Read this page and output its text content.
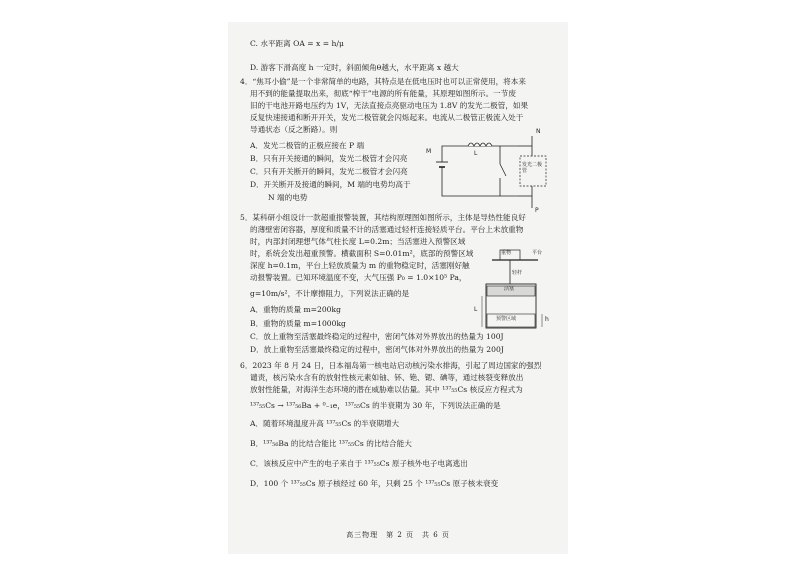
C. 水平距离 OA = x = h/μ
D. 游客下滑高度 h 一定时，斜面倾角θ越大，水平距离 x 越大
4．“焦耳小偷”是一个非常简单的电路，其特点是在低电压时也可以正常使用，将本来
用不到的能量提取出来，彻底“榨干”电源的所有能量，其原理如图所示。一节废
旧的干电池开路电压约为 1V，无法直接点亮驱动电压为 1.8V 的发光二极管，如果
反复快速接通和断开开关，发光二极管就会闪烁起来。电流从二极管正极流入处于
导通状态（反之断路）。则
A．发光二极管的正极应接在 P 端
B．只有开关接通的瞬间，发光二极管才会闪亮
C．只有开关断开的瞬间，发光二极管才会闪亮
D．开关断开及接通的瞬间，M 端的电势均高于
N 端的电势
M	L
N
P
发光二极管
5．某科研小组设计一款超重报警装置，其结构原理图如图所示，主体是导热性能良好
的薄壁密闭容器，厚度和质量不计的活塞通过轻杆连接轻质平台。平台上未放重物
时，内部封闭理想气体气柱长度 L=0.2m；当活塞进入预警区域
时，系统会发出超重预警。横截面积 S=0.01m²，底部的预警区域
深度 h=0.1m，平台上轻放质量为 m 的重物稳定时，活塞刚好触
动报警装置。已知环境温度不变，大气压强 P₀ = 1.0×10⁵ Pa，
g=10m/s²，不计摩擦阻力，下列说法正确的是
A．重物的质量 m=200kg
B．重物的质量 m=1000kg
C．放上重物至活塞最终稳定的过程中，密闭气体对外界放出的热量为 100J
D．放上重物至活塞最终稳定的过程中，密闭气体对外界放出的热量为 200J
重物	平台
轻杆
活塞
预警区域
L
h
6．2023 年 8 月 24 日，日本福岛第一核电站启动核污染水排海，引起了周边国家的强烈
谴责，核污染水含有的放射性核元素如铀、钚、铯、锶、碘等，通过核裂变释放出
放射性能量，对海洋生态环境的潜在威胁难以估量。其中 ¹³⁷₅₅Cs 核反应方程式为
¹³⁷₅₅Cs → ¹³⁷₅₆Ba + ⁰₋₁e，¹³⁷₅₅Cs 的半衰期为 30 年，下列说法正确的是
A．随着环境温度升高 ¹³⁷₅₅Cs 的半衰期增大
B．¹³⁷₅₆Ba 的比结合能比 ¹³⁷₅₅Cs 的比结合能大
C．该核反应中产生的电子来自于 ¹³⁷₅₅Cs 原子核外电子电离逃出
D．100 个 ¹³⁷₅₅Cs 原子核经过 60 年，只剩 25 个 ¹³⁷₅₅Cs 原子核未衰变
高三物理　第 2 页　共 6 页
